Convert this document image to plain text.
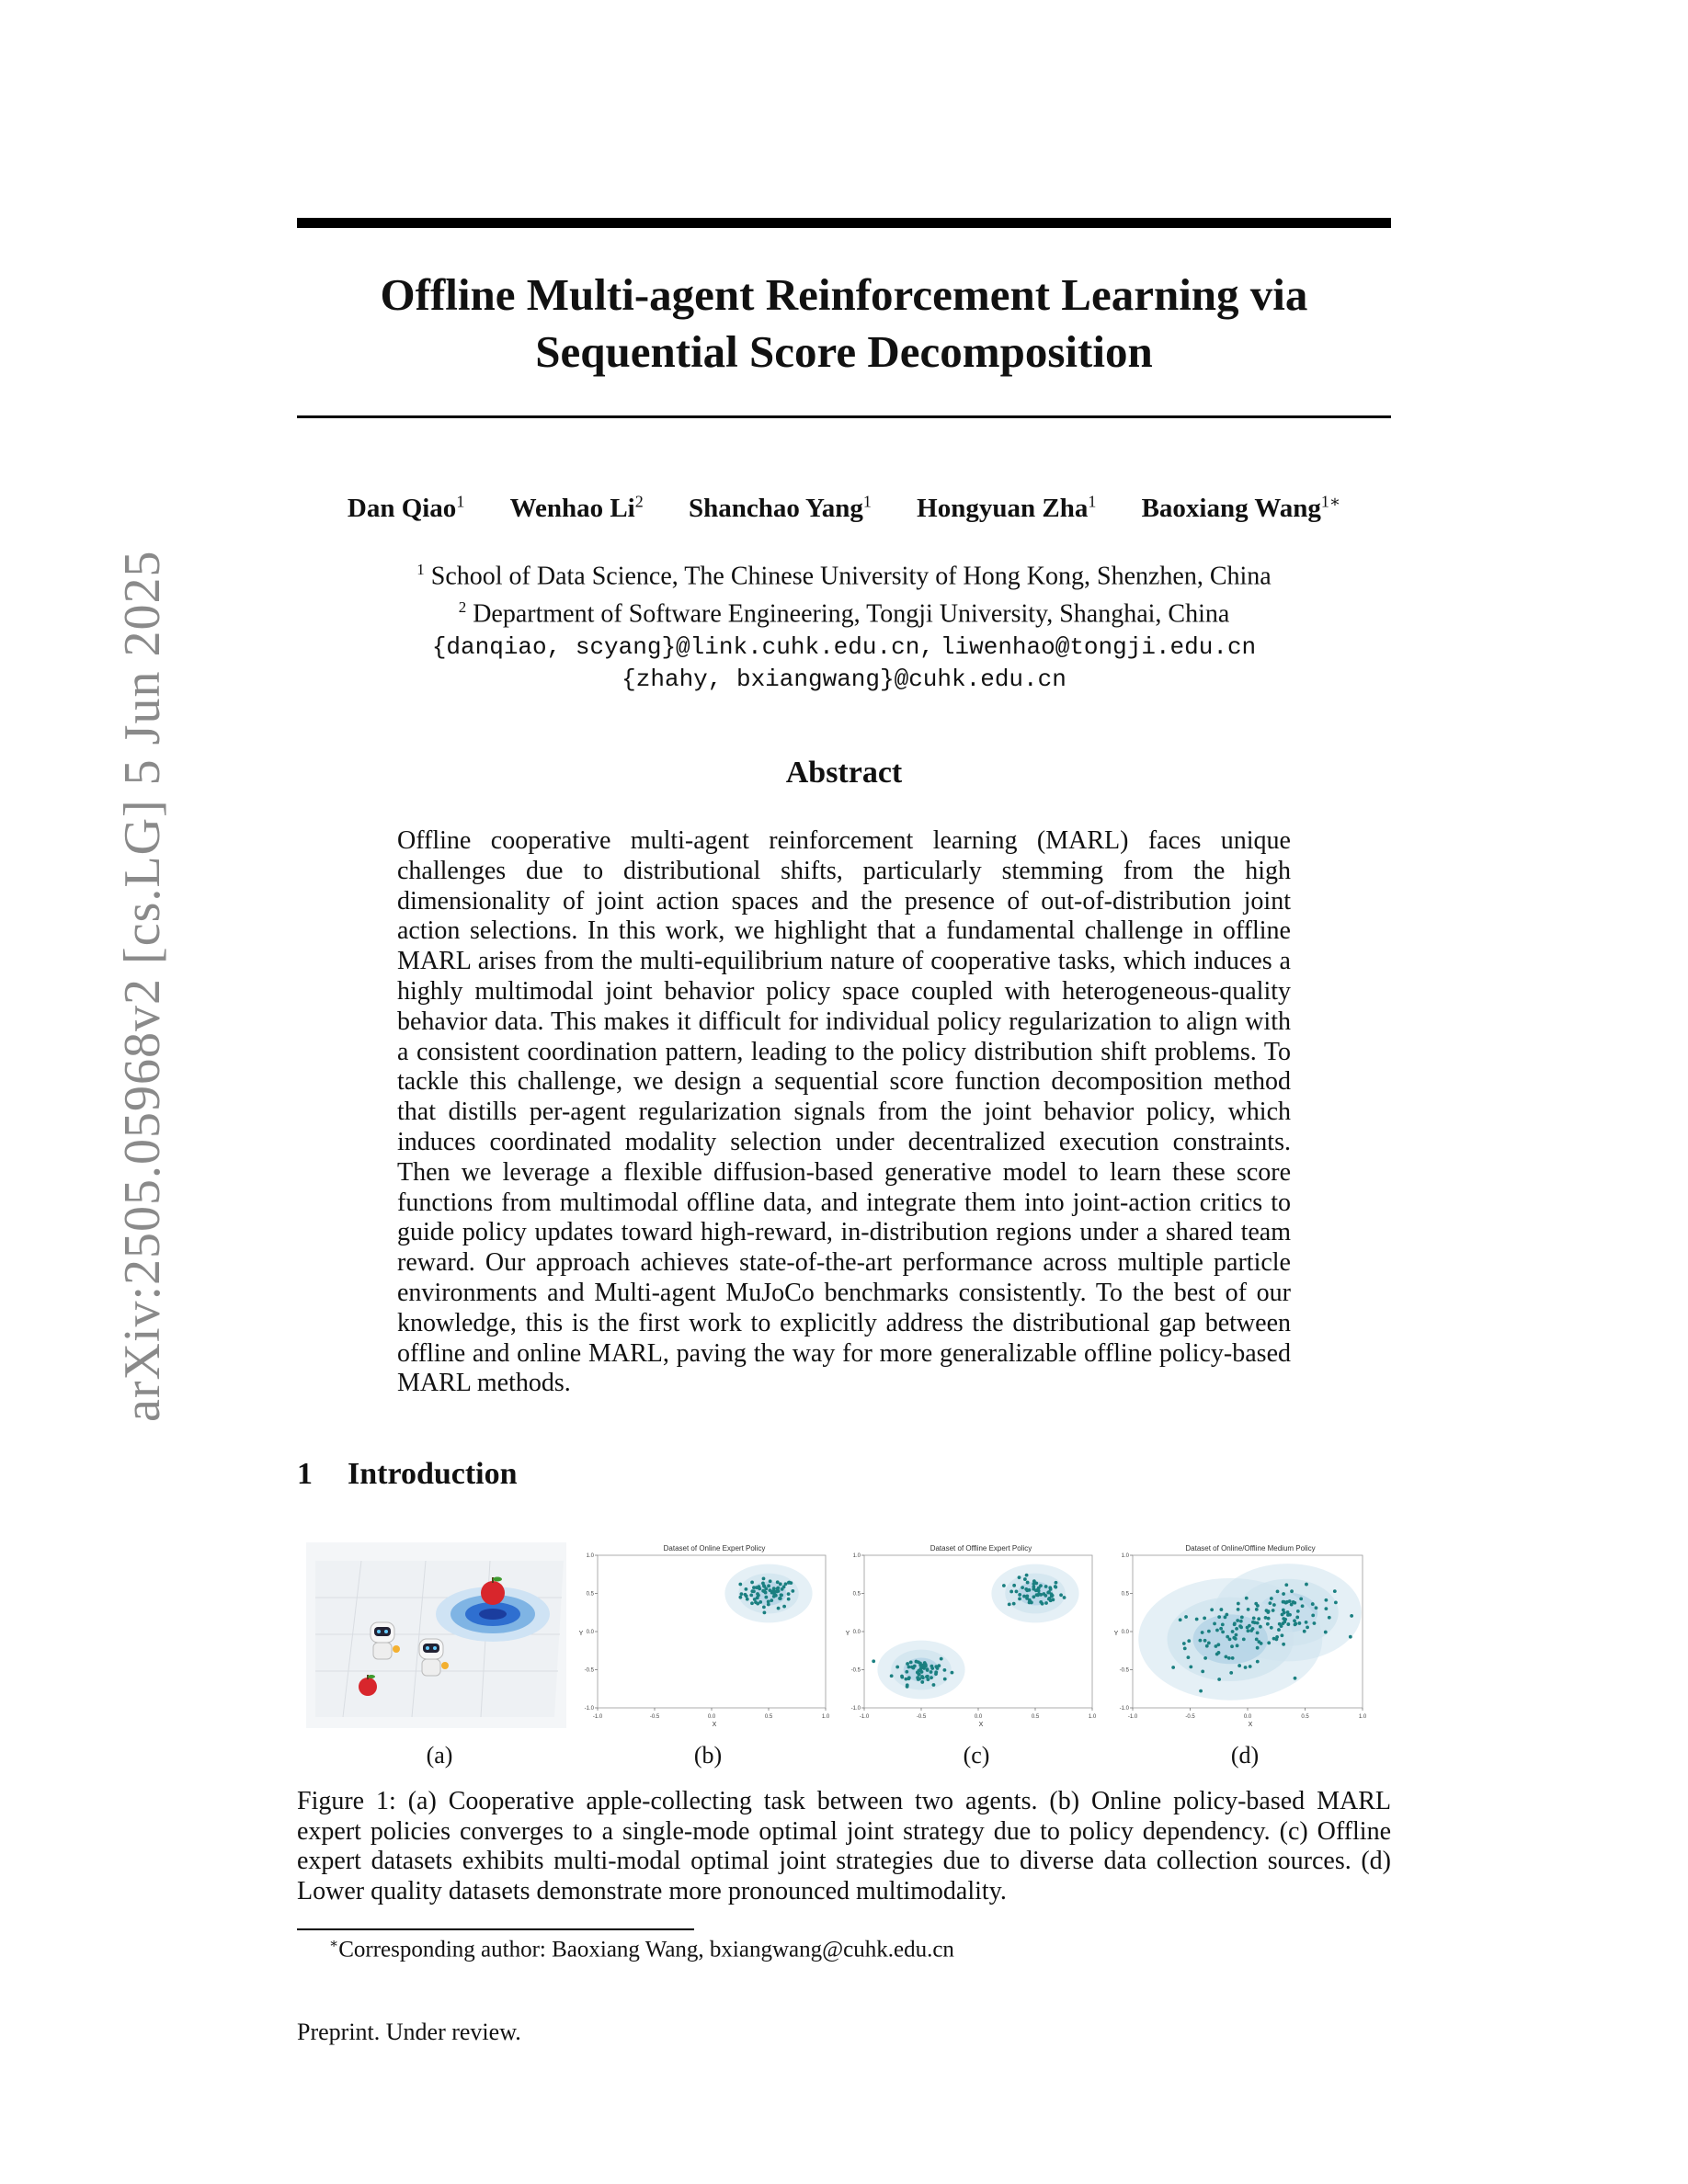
arXiv:2505.05968v2 [cs.LG] 5 Jun 2025
Offline Multi-agent Reinforcement Learning via
Sequential Score Decomposition
Dan Qiao$^1$ Wenhao Li$^2$ Shanchao Yang$^1$ Hongyuan Zha$^1$ Baoxiang Wang$^{1∗}$
$^1$ School of Data Science, The Chinese University of Hong Kong, Shenzhen, China
$^2$ Department of Software Engineering, Tongji University, Shanghai, China
{danqiao, scyang}@link.cuhk.edu.cn, liwenhao@tongji.edu.cn
{zhahy, bxiangwang}@cuhk.edu.cn
Abstract
Offline cooperative multi-agent reinforcement learning (MARL) faces unique challenges due to distributional shifts, particularly stemming from the high dimensionality of joint action spaces and the presence of out-of-distribution joint action selections. In this work, we highlight that a fundamental challenge in offline MARL arises from the multi-equilibrium nature of cooperative tasks, which induces a highly multimodal joint behavior policy space coupled with heterogeneous-quality behavior data. This makes it difficult for individual policy regularization to align with a consistent coordination pattern, leading to the policy distribution shift problems. To tackle this challenge, we design a sequential score function decomposition method that distills per-agent regularization signals from the joint behavior policy, which induces coordinated modality selection under decentralized execution constraints. Then we leverage a flexible diffusion-based generative model to learn these score functions from multimodal offline data, and integrate them into joint-action critics to guide policy updates toward high-reward, in-distribution regions under a shared team reward. Our approach achieves state-of-the-art performance across multiple particle environments and Multi-agent MuJoCo benchmarks consistently. To the best of our knowledge, this is the first work to explicitly address the distributional gap between offline and online MARL, paving the way for more generalizable offline policy-based MARL methods.
1 Introduction
Dataset of Online Expert Policy
X
Y
-1.0	-0.5	0.0	0.5	1.0
-1.0
-0.5
0.0
0.5
1.0
Dataset of Offline Expert Policy
X
Y
-1.0	-0.5	0.0	0.5	1.0
-1.0
-0.5
0.0
0.5
1.0
Dataset of Online/Offline Medium Policy
X
Y
-1.0	-0.5	0.0	0.5	1.0
-1.0
-0.5
0.0
0.5
1.0
(a)	(b)	(c)	(d)
Figure 1: (a) Cooperative apple-collecting task between two agents. (b) Online policy-based MARL expert policies converges to a single-mode optimal joint strategy due to policy dependency. (c) Offline expert datasets exhibits multi-modal optimal joint strategies due to diverse data collection sources. (d) Lower quality datasets demonstrate more pronounced multimodality.
∗Corresponding author: Baoxiang Wang, bxiangwang@cuhk.edu.cn
Preprint. Under review.
